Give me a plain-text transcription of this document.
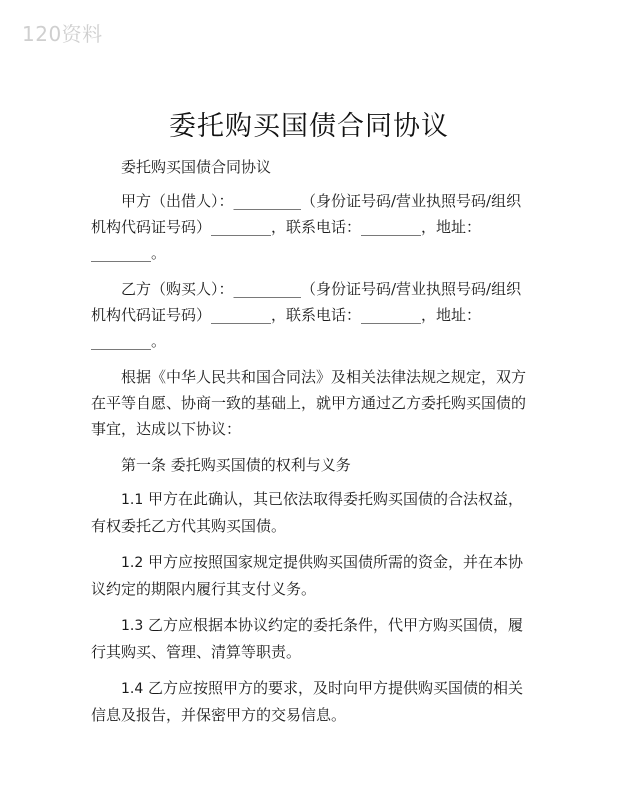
120资料
委托购买国债合同协议

委托购买国债合同协议

甲方（出借人）：_________（身份证号码/营业执照号码/组织机构代码证号码）________，联系电话：________，地址：________。

乙方（购买人）：_________（身份证号码/营业执照号码/组织机构代码证号码）________，联系电话：________，地址：________。

根据《中华人民共和国合同法》及相关法律法规之规定，双方在平等自愿、协商一致的基础上，就甲方通过乙方委托购买国债的事宜，达成以下协议：

第一条 委托购买国债的权利与义务

1.1 甲方在此确认，其已依法取得委托购买国债的合法权益，有权委托乙方代其购买国债。

1.2 甲方应按照国家规定提供购买国债所需的资金，并在本协议约定的期限内履行其支付义务。

1.3 乙方应根据本协议约定的委托条件，代甲方购买国债，履行其购买、管理、清算等职责。

1.4 乙方应按照甲方的要求，及时向甲方提供购买国债的相关信息及报告，并保密甲方的交易信息。
